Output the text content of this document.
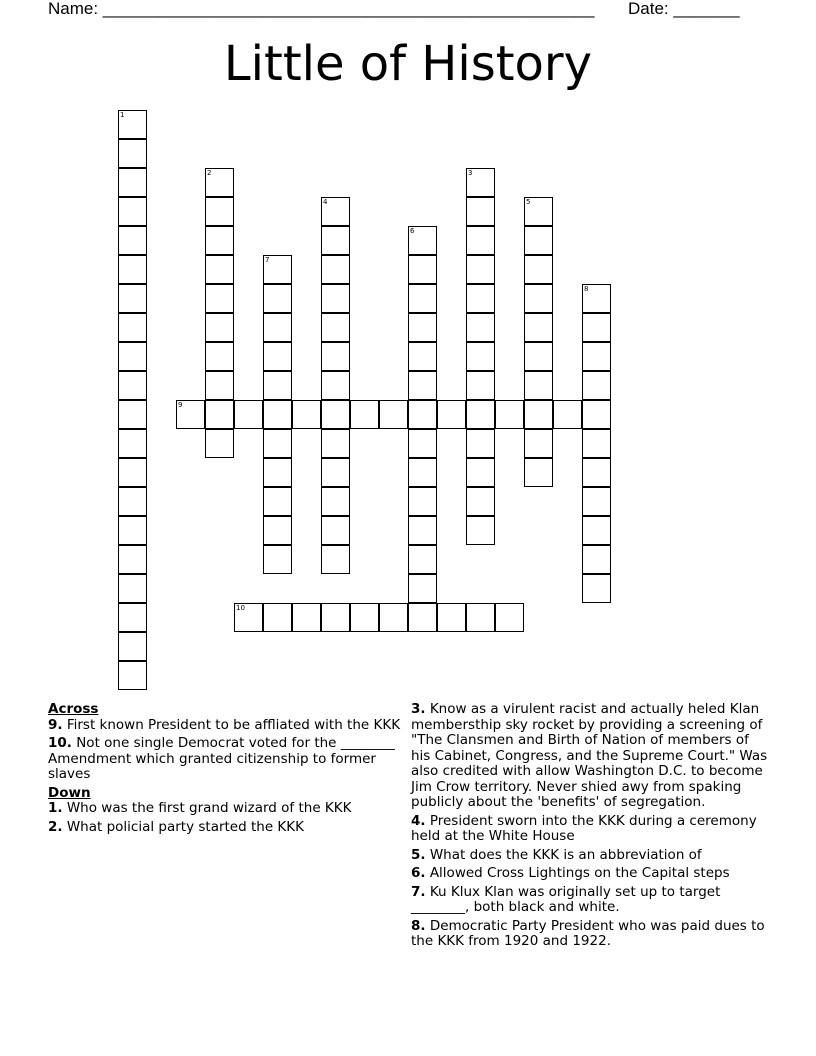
Name: ____________________________________________________ Date: _______
Little of History
1
2	3
4	5
6
7
8
9
10
Across
9. First known President to be affliated with the KKK
10. Not one single Democrat voted for the ________ Amendment which granted citizenship to former slaves
Down
1. Who was the first grand wizard of the KKK
2. What policial party started the KKK
3. Know as a virulent racist and actually heled Klan membersthip sky rocket by providing a screening of "The Clansmen and Birth of Nation of members of his Cabinet, Congress, and the Supreme Court." Was also credited with allow Washington D.C. to become Jim Crow territory. Never shied awy from spaking publicly about the 'benefits' of segregation.
4. President sworn into the KKK during a ceremony held at the White House
5. What does the KKK is an abbreviation of
6. Allowed Cross Lightings on the Capital steps
7. Ku Klux Klan was originally set up to target ________, both black and white.
8. Democratic Party President who was paid dues to the KKK from 1920 and 1922.
